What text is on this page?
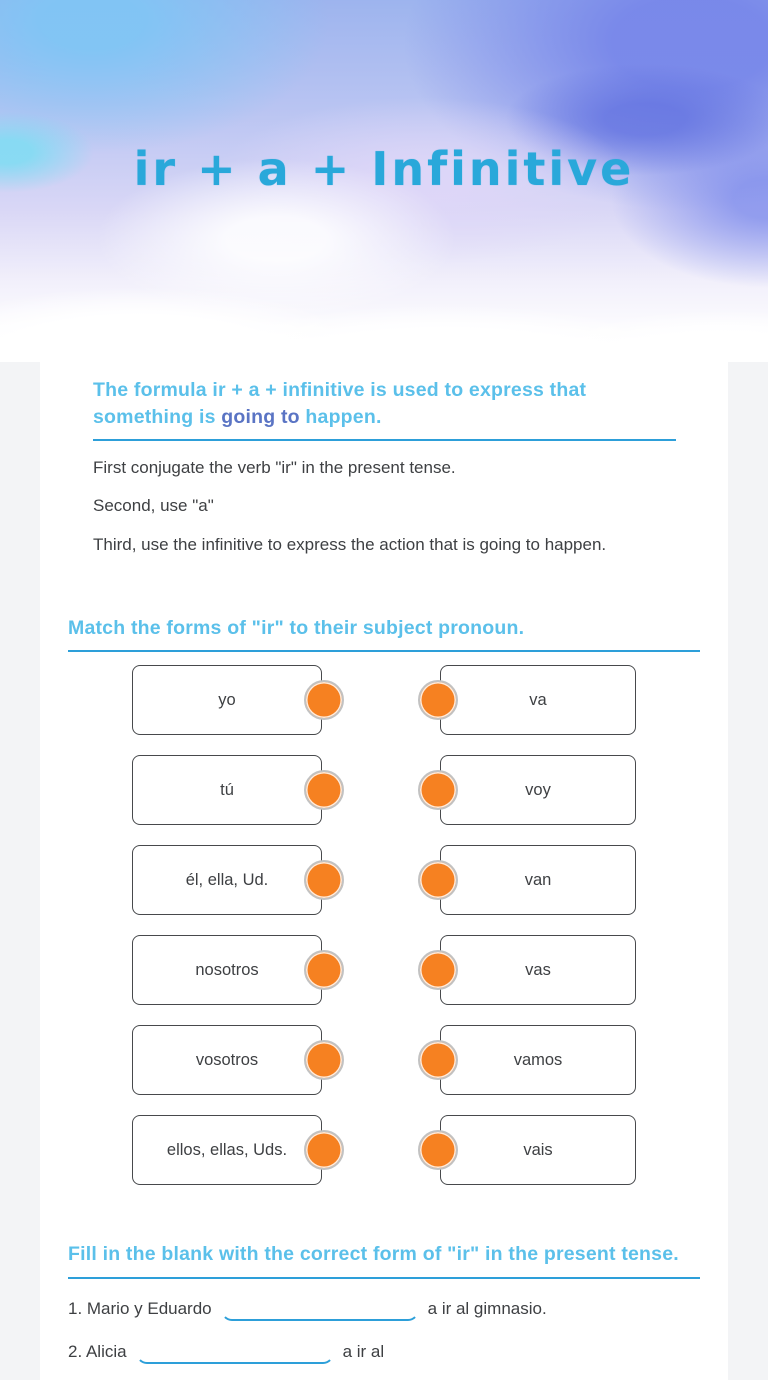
ir + a + Infinitive
The formula ir + a + infinitive is used to express that something is going to happen.

First conjugate the verb "ir" in the present tense.

Second, use "a"

Third, use the infinitive to express the action that is going to happen.

Match the forms of "ir" to their subject pronoun.
yo	va
tú	voy
él, ella, Ud.	van
nosotros	vas
vosotros	vamos
ellos, ellas, Uds.	vais
Fill in the blank with the correct form of "ir" in the present tense.
1. Mario y Eduardo	a ir al gimnasio.
2. Alicia	a ir al
